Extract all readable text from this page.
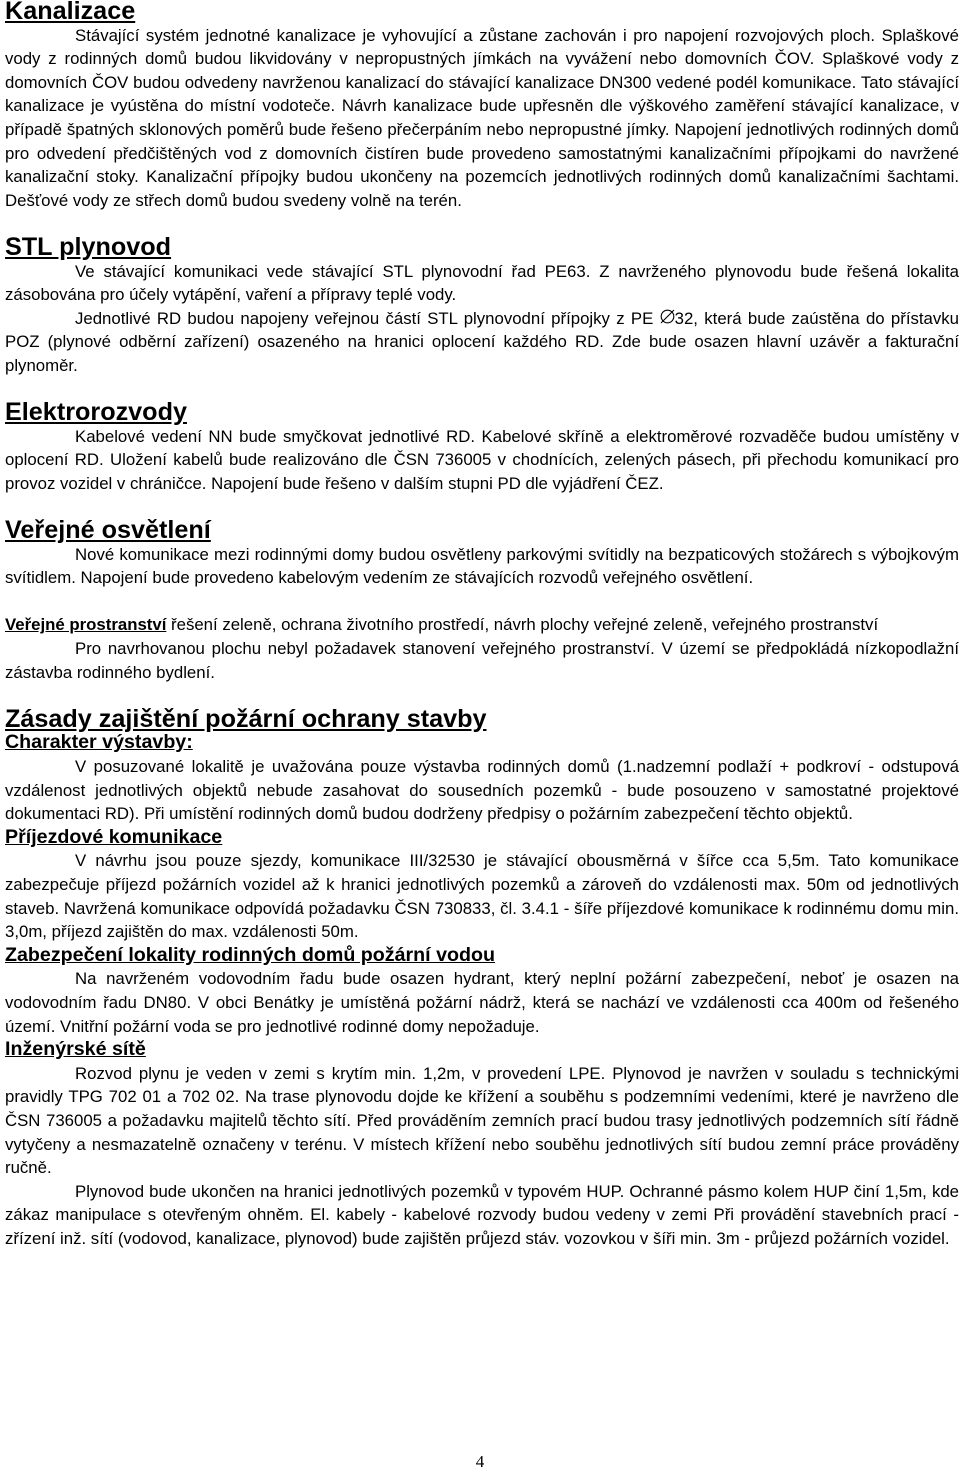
Kanalizace

Stávající systém jednotné kanalizace je vyhovující a zůstane zachován i pro napojení rozvojových ploch. Splaškové vody z rodinných domů budou likvidovány v nepropustných jímkách na vyvážení nebo domovních ČOV. Splaškové vody z domovních ČOV budou odvedeny navrženou kanalizací do stávající kanalizace DN300 vedené podél komunikace. Tato stávající kanalizace je vyústěna do místní vodoteče. Návrh kanalizace bude upřesněn dle výškového zaměření stávající kanalizace, v případě špatných sklonových poměrů bude řešeno přečerpáním nebo nepropustné jímky. Napojení jednotlivých rodinných domů pro odvedení předčištěných vod z domovních čistíren bude provedeno samostatnými kanalizačními přípojkami do navržené kanalizační stoky. Kanalizační přípojky budou ukončeny na pozemcích jednotlivých rodinných domů kanalizačními šachtami. Dešťové vody ze střech domů budou svedeny volně na terén.

STL plynovod

Ve stávající komunikaci vede stávající STL plynovodní řad PE63. Z navrženého plynovodu bude řešená lokalita zásobována pro účely vytápění, vaření a přípravy teplé vody.

Jednotlivé RD budou napojeny veřejnou částí STL plynovodní přípojky z PE
32, která bude zaústěna do přístavku POZ (plynové odběrní zařízení) osazeného na hranici oplocení každého RD. Zde bude osazen hlavní uzávěr a fakturační plynoměr.

Elektrorozvody

Kabelové vedení NN bude smyčkovat jednotlivé RD. Kabelové skříně a elektroměrové rozvaděče budou umístěny v oplocení RD. Uložení kabelů bude realizováno dle ČSN 736005 v chodnících, zelených pásech, při přechodu komunikací pro provoz vozidel v chráničce. Napojení bude řešeno v dalším stupni PD dle vyjádření ČEZ.

Veřejné osvětlení

Nové komunikace mezi rodinnými domy budou osvětleny parkovými svítidly na bezpaticových stožárech s výbojkovým svítidlem. Napojení bude provedeno kabelovým vedením ze stávajících rozvodů veřejného osvětlení.

Veřejné prostranství řešení zeleně, ochrana životního prostředí, návrh plochy veřejné zeleně, veřejného prostranství

Pro navrhovanou plochu nebyl požadavek stanovení veřejného prostranství. V území se předpokládá nízkopodlažní zástavba rodinného bydlení.

Zásady zajištění požární ochrany stavby
Charakter výstavby:

V posuzované lokalitě je uvažována pouze výstavba rodinných domů (1.nadzemní podlaží + podkroví - odstupová vzdálenost jednotlivých objektů nebude zasahovat do sousedních pozemků - bude posouzeno v samostatné projektové dokumentaci RD). Při umístění rodinných domů budou dodrženy předpisy o požárním zabezpečení těchto objektů.

Příjezdové komunikace

V návrhu jsou pouze sjezdy, komunikace III/32530 je stávající obousměrná v šířce cca 5,5m. Tato komunikace zabezpečuje příjezd požárních vozidel až k hranici jednotlivých pozemků a zároveň do vzdálenosti max. 50m od jednotlivých staveb. Navržená komunikace odpovídá požadavku ČSN 730833, čl. 3.4.1 - šíře příjezdové komunikace k rodinnému domu min. 3,0m, příjezd zajištěn do max. vzdálenosti 50m.

Zabezpečení lokality rodinných domů požární vodou

Na navrženém vodovodním řadu bude osazen hydrant, který neplní požární zabezpečení, neboť je osazen na vodovodním řadu DN80. V obci Benátky je umístěná požární nádrž, která se nachází ve vzdálenosti cca 400m od řešeného území. Vnitřní požární voda se pro jednotlivé rodinné domy nepožaduje.

Inženýrské sítě

Rozvod plynu je veden v zemi s krytím min. 1,2m, v provedení LPE. Plynovod je navržen v souladu s technickými pravidly TPG 702 01 a 702 02. Na trase plynovodu dojde ke křížení a souběhu s podzemními vedeními, které je navrženo dle ČSN 736005 a požadavku majitelů těchto sítí. Před prováděním zemních prací budou trasy jednotlivých podzemních sítí řádně vytyčeny a nesmazatelně označeny v terénu. V místech křížení nebo souběhu jednotlivých sítí budou zemní práce prováděny ručně.

Plynovod bude ukončen na hranici jednotlivých pozemků v typovém HUP. Ochranné pásmo kolem HUP činí 1,5m, kde zákaz manipulace s otevřeným ohněm. El. kabely - kabelové rozvody budou vedeny v zemi Při provádění stavebních prací - zřízení inž. sítí (vodovod, kanalizace, plynovod) bude zajištěn průjezd stáv. vozovkou v šíři min. 3m - průjezd požárních vozidel.

4
